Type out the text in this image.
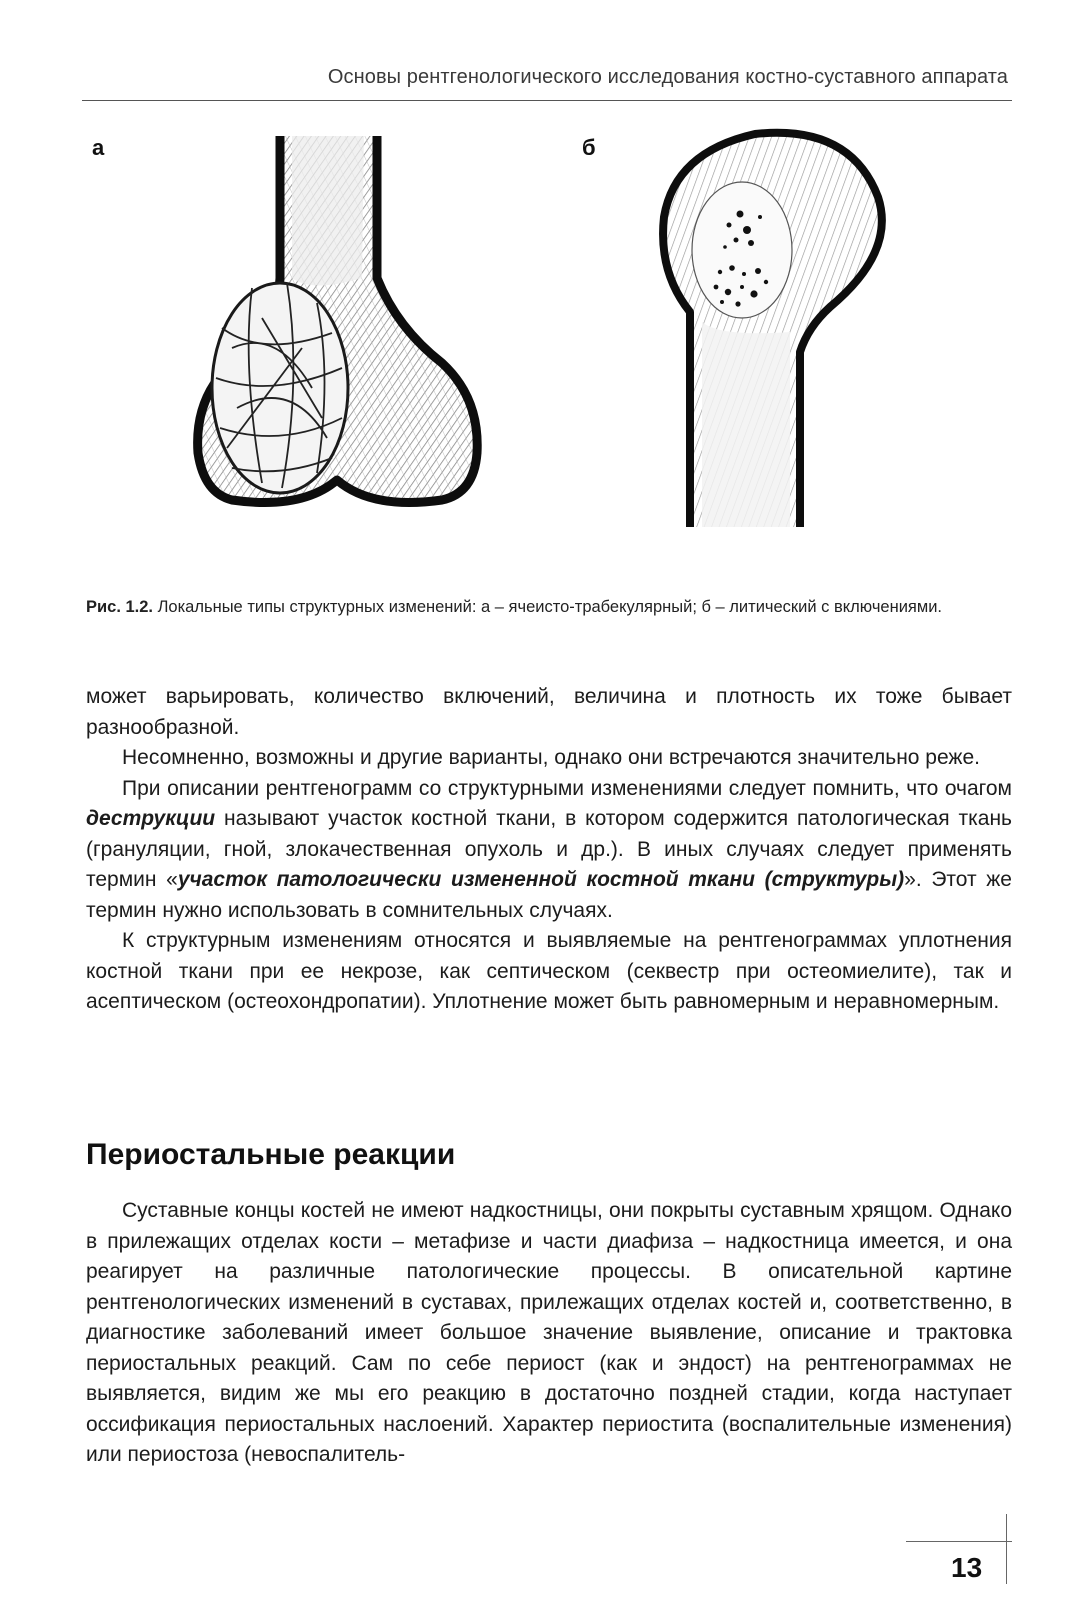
Основы рентгенологического исследования костно-суставного аппарата
а	б
Рис. 1.2. Локальные типы структурных изменений: а – ячеисто-трабекулярный; б – литический с включениями.

может варьировать, количество включений, величина и плотность их тоже бывает разнообразной.

Несомненно, возможны и другие варианты, однако они встречаются значительно реже.

При описании рентгенограмм со структурными изменениями следует помнить, что очагом деструкции называют участок костной ткани, в котором содержится патологическая ткань (грануляции, гной, злокачественная опухоль и др.). В иных случаях следует применять термин «участок патологически измененной костной ткани (структуры)». Этот же термин нужно использовать в сомнительных случаях.

К структурным изменениям относятся и выявляемые на рентгенограммах уплотнения костной ткани при ее некрозе, как септическом (секвестр при остеомиелите), так и асептическом (остеохондропатии). Уплотнение может быть равномерным и неравномерным.

Периостальные реакции

Суставные концы костей не имеют надкостницы, они покрыты суставным хрящом. Однако в прилежащих отделах кости – метафизе и части диафиза – надкостница имеется, и она реагирует на различные патологические процессы. В описательной картине рентгенологических изменений в суставах, прилежащих отделах костей и, соответственно, в диагностике заболеваний имеет большое значение выявление, описание и трактовка периостальных реакций. Сам по себе периост (как и эндост) на рентгенограммах не выявляется, видим же мы его реакцию в достаточно поздней стадии, когда наступает оссификация периостальных наслоений. Характер периостита (воспалительные изменения) или периостоза (невоспалитель-

13
